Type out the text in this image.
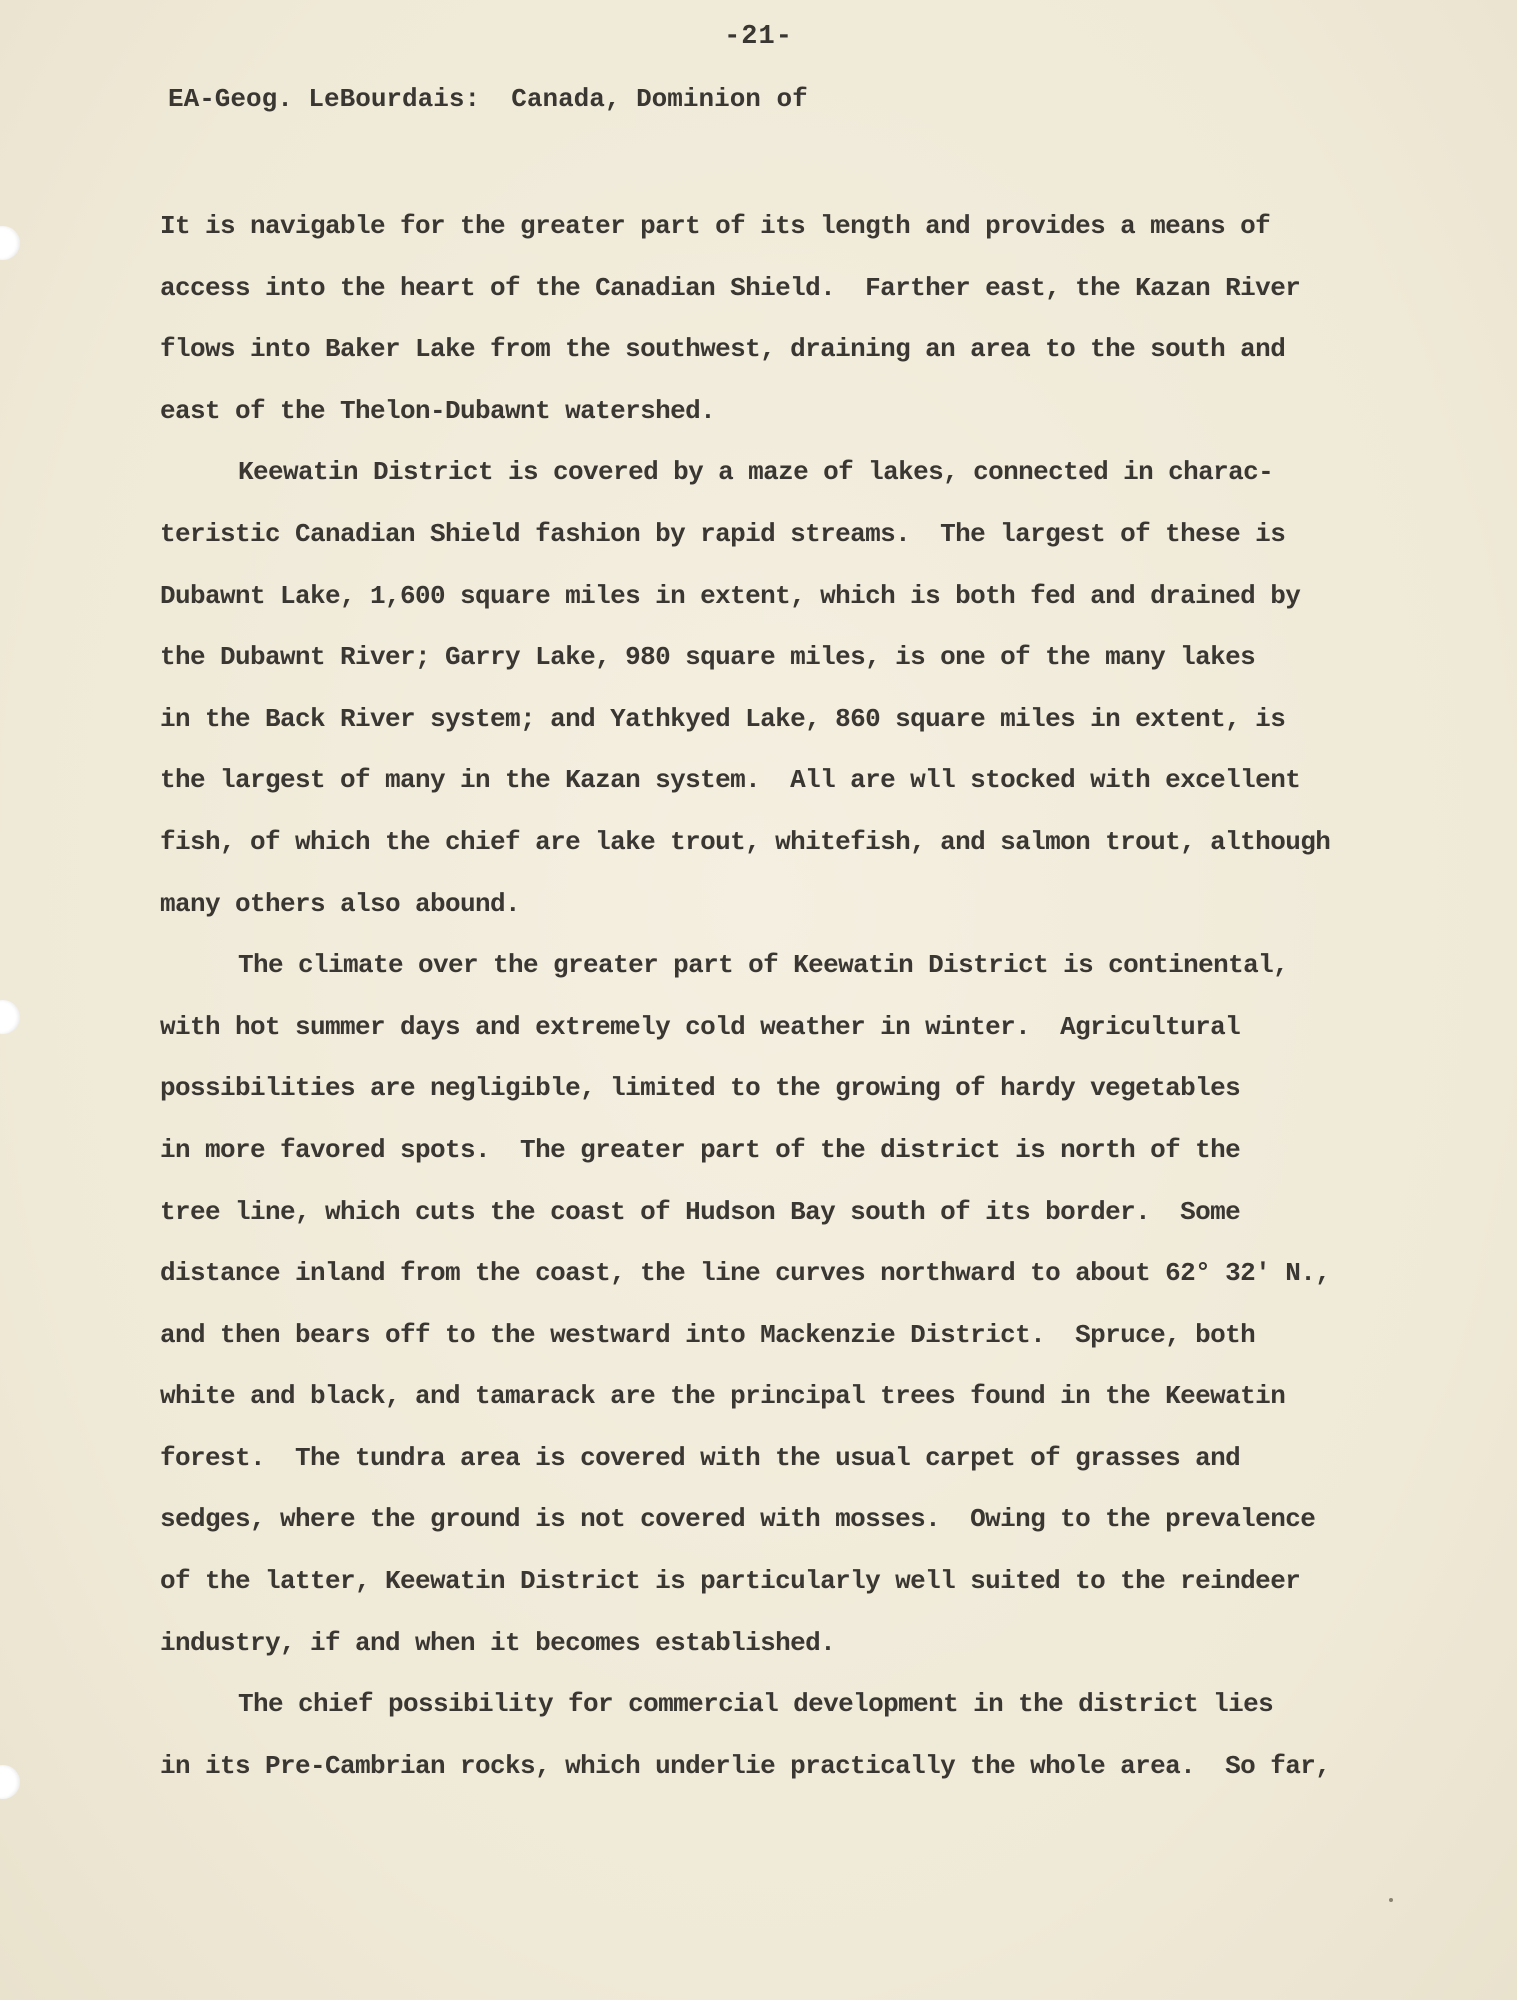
-21-
EA-Geog. LeBourdais:  Canada, Dominion of
It is navigable for the greater part of its length and provides a means of
access into the heart of the Canadian Shield.  Farther east, the Kazan River
flows into Baker Lake from the southwest, draining an area to the south and
east of the Thelon-Dubawnt watershed.
Keewatin District is covered by a maze of lakes, connected in charac-
teristic Canadian Shield fashion by rapid streams.  The largest of these is
Dubawnt Lake, 1,600 square miles in extent, which is both fed and drained by
the Dubawnt River; Garry Lake, 980 square miles, is one of the many lakes
in the Back River system; and Yathkyed Lake, 860 square miles in extent, is
the largest of many in the Kazan system.  All are wll stocked with excellent
fish, of which the chief are lake trout, whitefish, and salmon trout, although
many others also abound.
The climate over the greater part of Keewatin District is continental,
with hot summer days and extremely cold weather in winter.  Agricultural
possibilities are negligible, limited to the growing of hardy vegetables
in more favored spots.  The greater part of the district is north of the
tree line, which cuts the coast of Hudson Bay south of its border.  Some
distance inland from the coast, the line curves northward to about 62° 32' N.,
and then bears off to the westward into Mackenzie District.  Spruce, both
white and black, and tamarack are the principal trees found in the Keewatin
forest.  The tundra area is covered with the usual carpet of grasses and
sedges, where the ground is not covered with mosses.  Owing to the prevalence
of the latter, Keewatin District is particularly well suited to the reindeer
industry, if and when it becomes established.
The chief possibility for commercial development in the district lies
in its Pre-Cambrian rocks, which underlie practically the whole area.  So far,
